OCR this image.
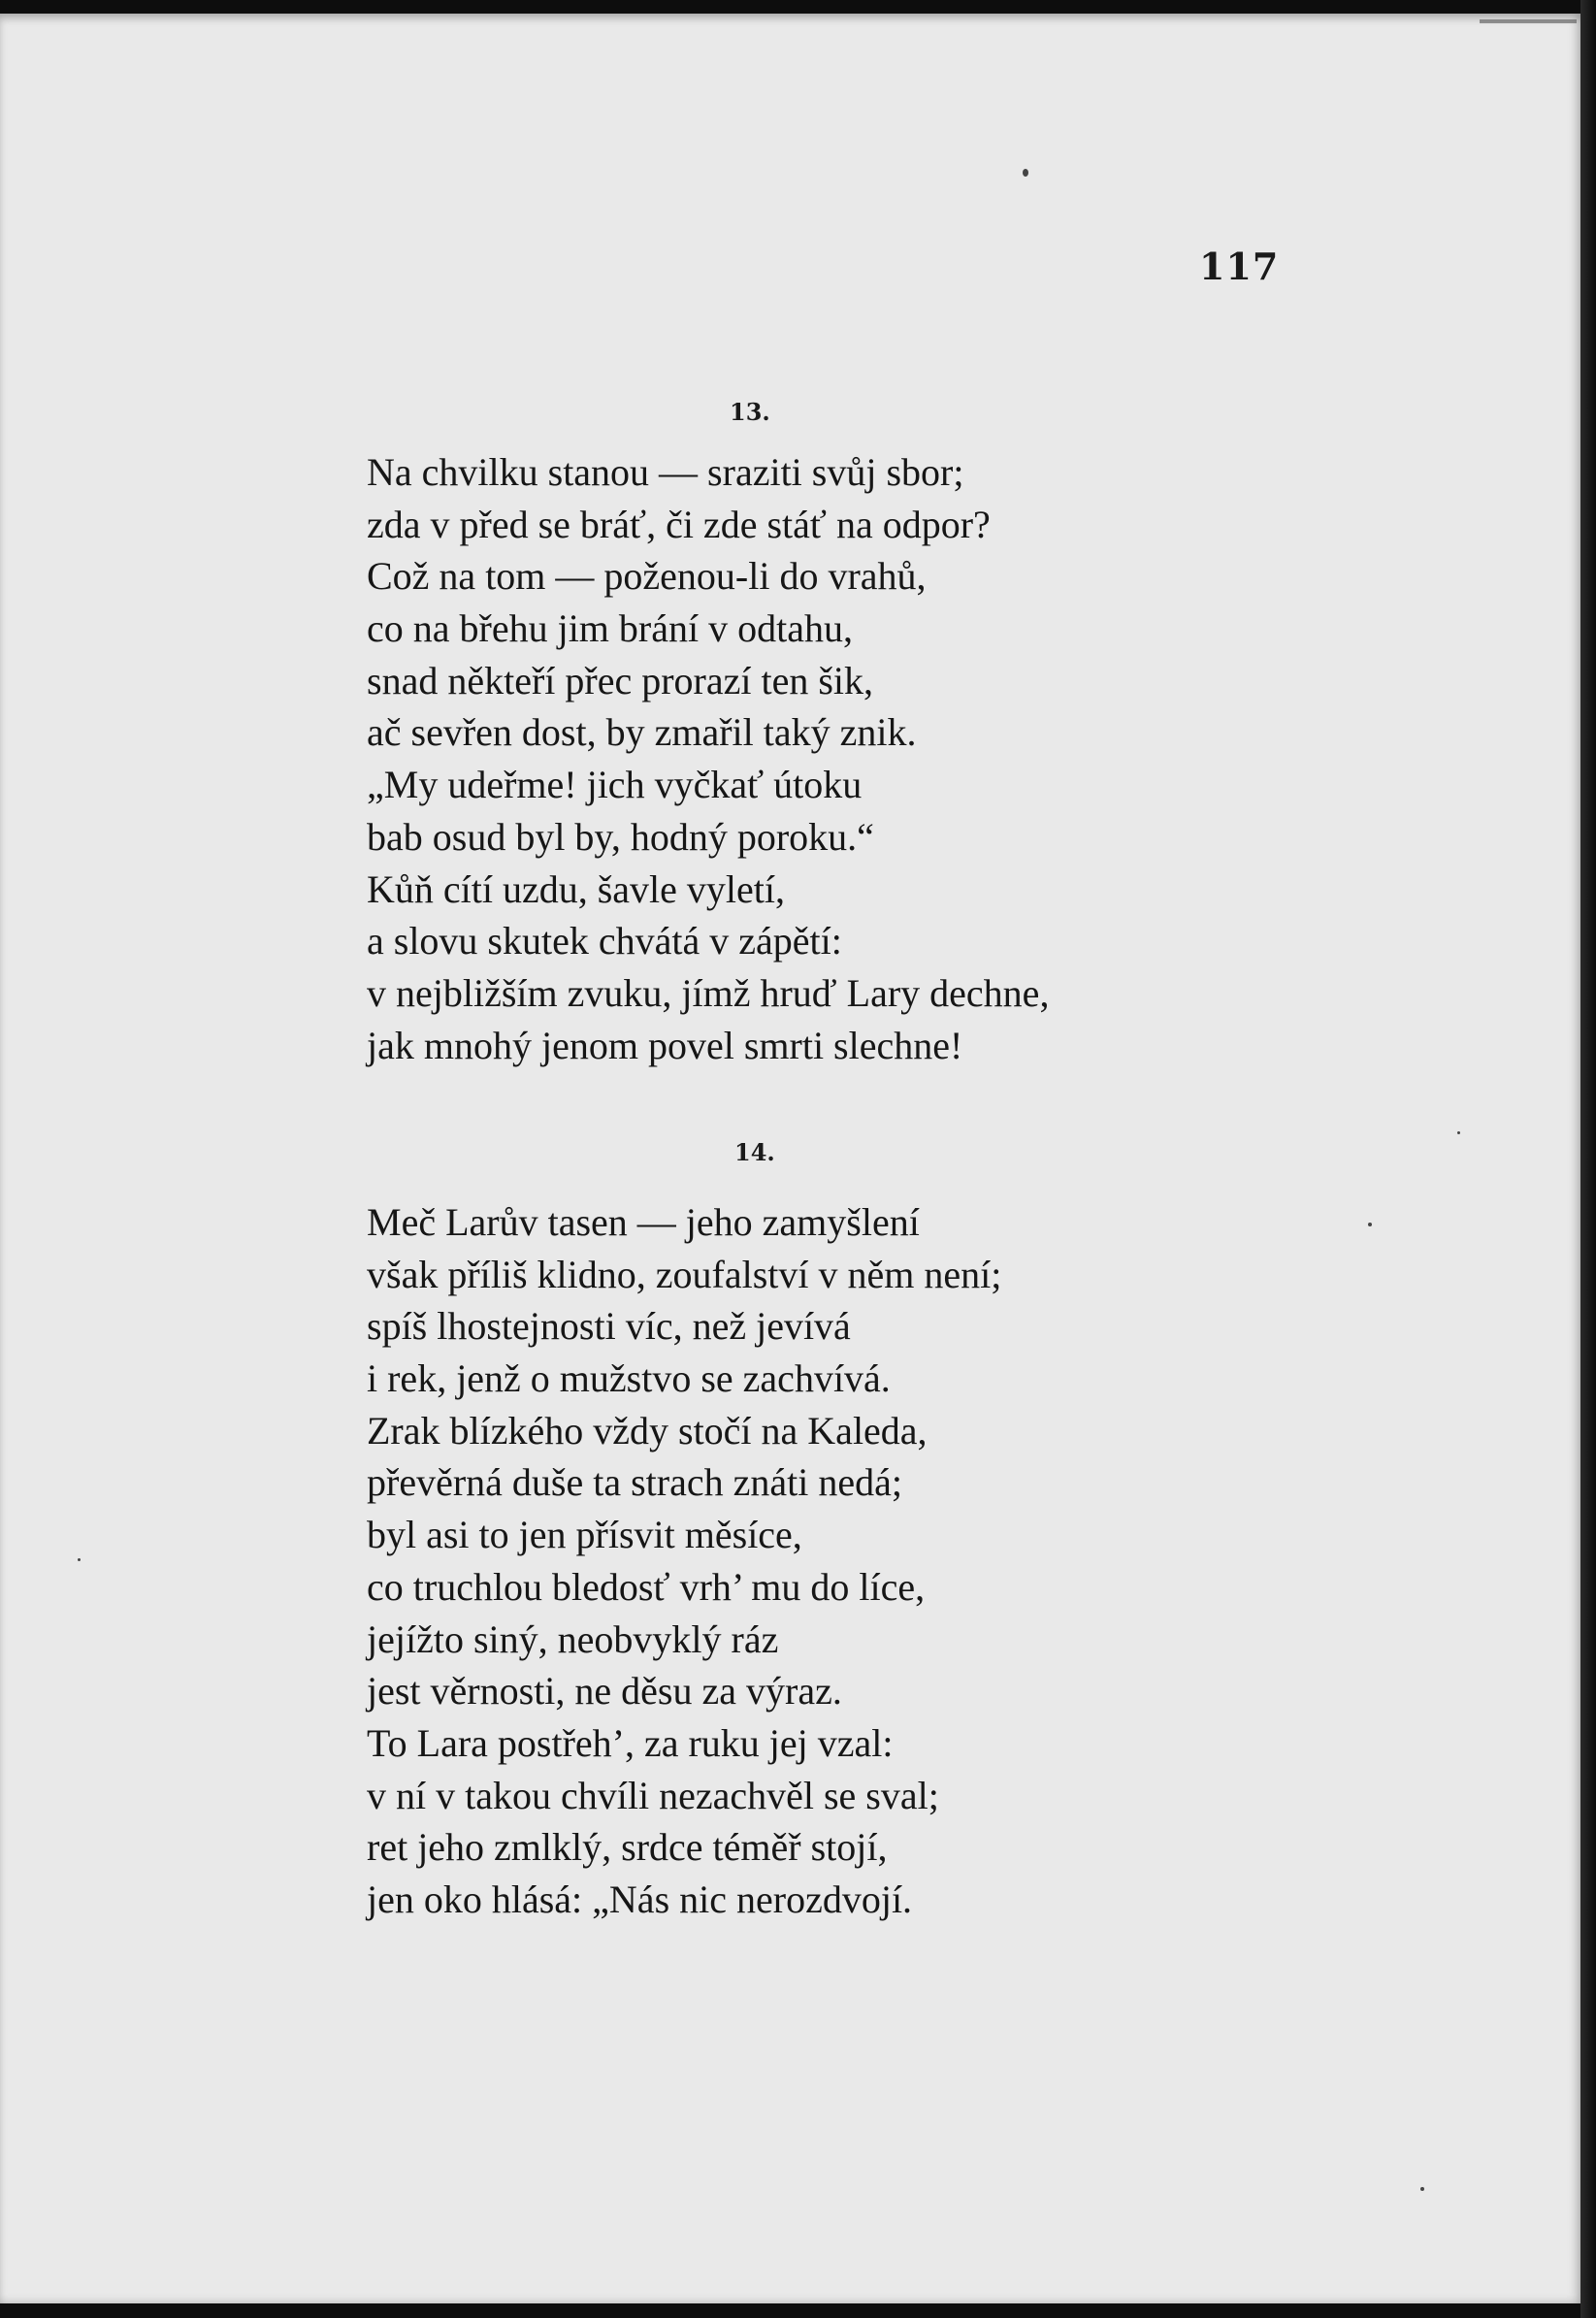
117
13.
Na chvilku stanou — sraziti svůj sbor;
zda v před se bráť, či zde stáť na odpor?
Což na tom — poženou-li do vrahů,
co na břehu jim brání v odtahu,
snad někteří přec prorazí ten šik,
ač sevřen dost, by zmařil taký znik.
„My udeřme! jich vyčkať útoku
bab osud byl by, hodný poroku.“
Kůň cítí uzdu, šavle vyletí,
a slovu skutek chvátá v zápětí:
v nejbližším zvuku, jímž hruď Lary dechne,
jak mnohý jenom povel smrti slechne!
14.
Meč Larův tasen — jeho zamyšlení
však příliš klidno, zoufalství v něm není;
spíš lhostejnosti víc, než jevívá
i rek, jenž o mužstvo se zachvívá.
Zrak blízkého vždy stočí na Kaleda,
převěrná duše ta strach znáti nedá;
byl asi to jen přísvit měsíce,
co truchlou bledosť vrh’ mu do líce,
jejížto siný, neobvyklý ráz
jest věrnosti, ne děsu za výraz.
To Lara postřeh’, za ruku jej vzal:
v ní v takou chvíli nezachvěl se sval;
ret jeho zmlklý, srdce téměř stojí,
jen oko hlásá: „Nás nic nerozdvojí.
